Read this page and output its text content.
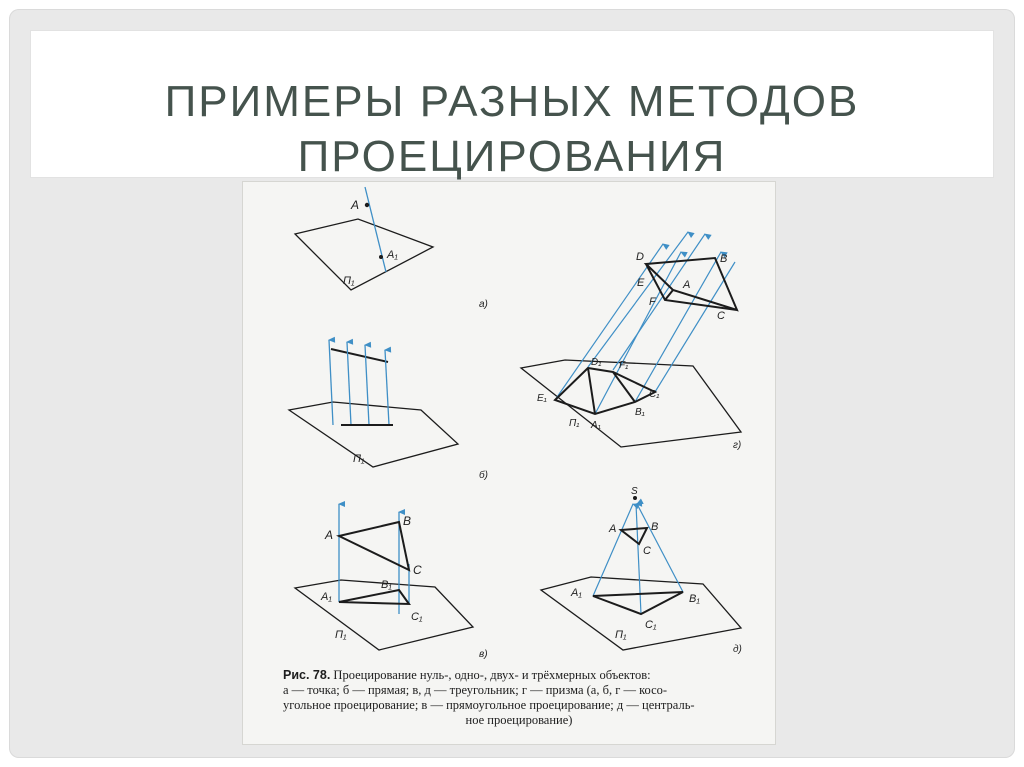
ПРИМЕРЫ РАЗНЫХ МЕТОДОВ
ПРОЕЦИРОВАНИЯ
A
A₁
П₁
а)
П₁
б)
A
B
C
A₁
B₁
C₁
П₁
в)
D	B
E	A
F
C
D₁ F₁
E₁	C₁
B₁
A₁
П₁
г)
S
A	B
C
A₁	B₁
C₁
П₁
д)
Рис. 78. Проецирование нуль-, одно-, двух- и трёхмерных объектов:
а — точка; б — прямая; в, д — треугольник; г — призма (а, б, г — косо-
угольное проецирование; в — прямоугольное проецирование; д — централь-
ное проецирование)
